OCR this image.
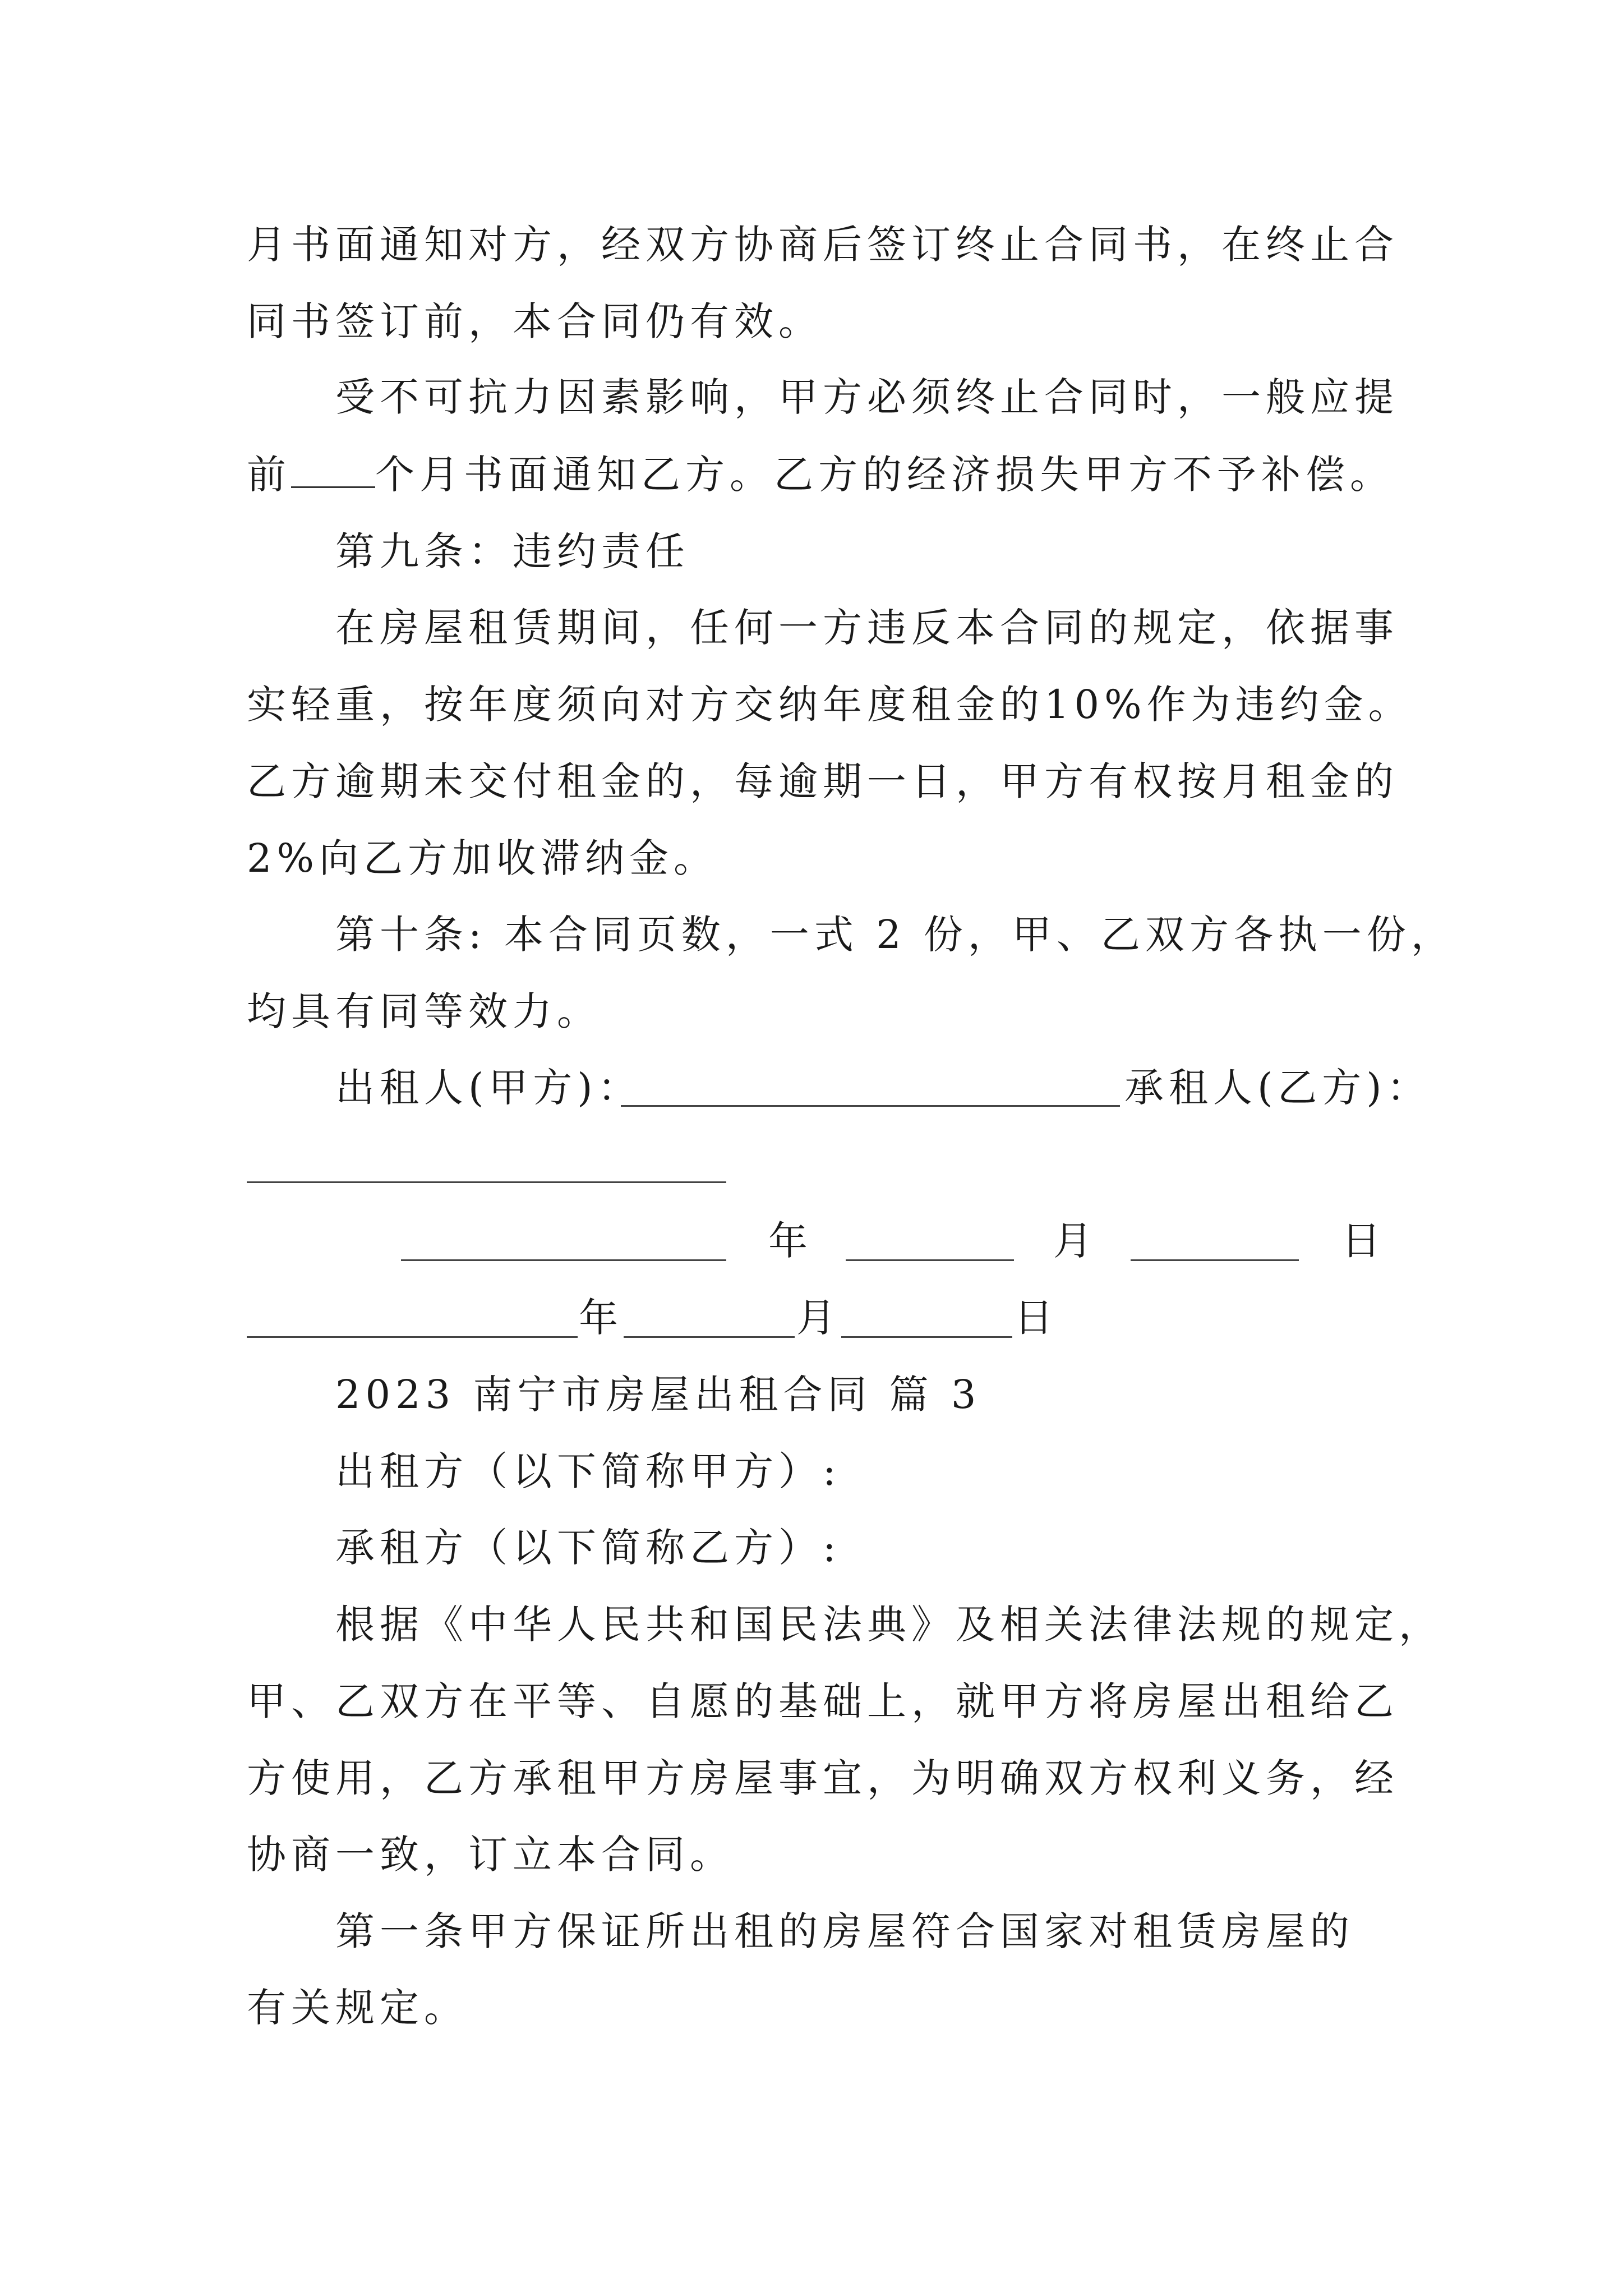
月书面通知对方，经双方协商后签订终止合同书，在终止合
同书签订前，本合同仍有效。
受不可抗力因素影响，甲方必须终止合同时，一般应提
前 个月书面通知乙方。乙方的经济损失甲方不予补偿。
第九条：违约责任
在房屋租赁期间，任何一方违反本合同的规定，依据事
实轻重，按年度须向对方交纳年度租金的10%作为违约金。
乙方逾期未交付租金的，每逾期一日，甲方有权按月租金的
2%向乙方加收滞纳金。
第十条: 本合同页数，一式 2 份，甲、乙双方各执一份，
均具有同等效力。
出租人(甲方)：	承租人(乙方)：
年	月	日
年	月	日
2023 南宁市房屋出租合同 篇 3
出租方（以下简称甲方）:
承租方（以下简称乙方）:
根据《中华人民共和国民法典》及相关法律法规的规定，
甲、乙双方在平等、自愿的基础上，就甲方将房屋出租给乙
方使用，乙方承租甲方房屋事宜，为明确双方权利义务，经
协商一致，订立本合同。
第一条甲方保证所出租的房屋符合国家对租赁房屋的
有关规定。
